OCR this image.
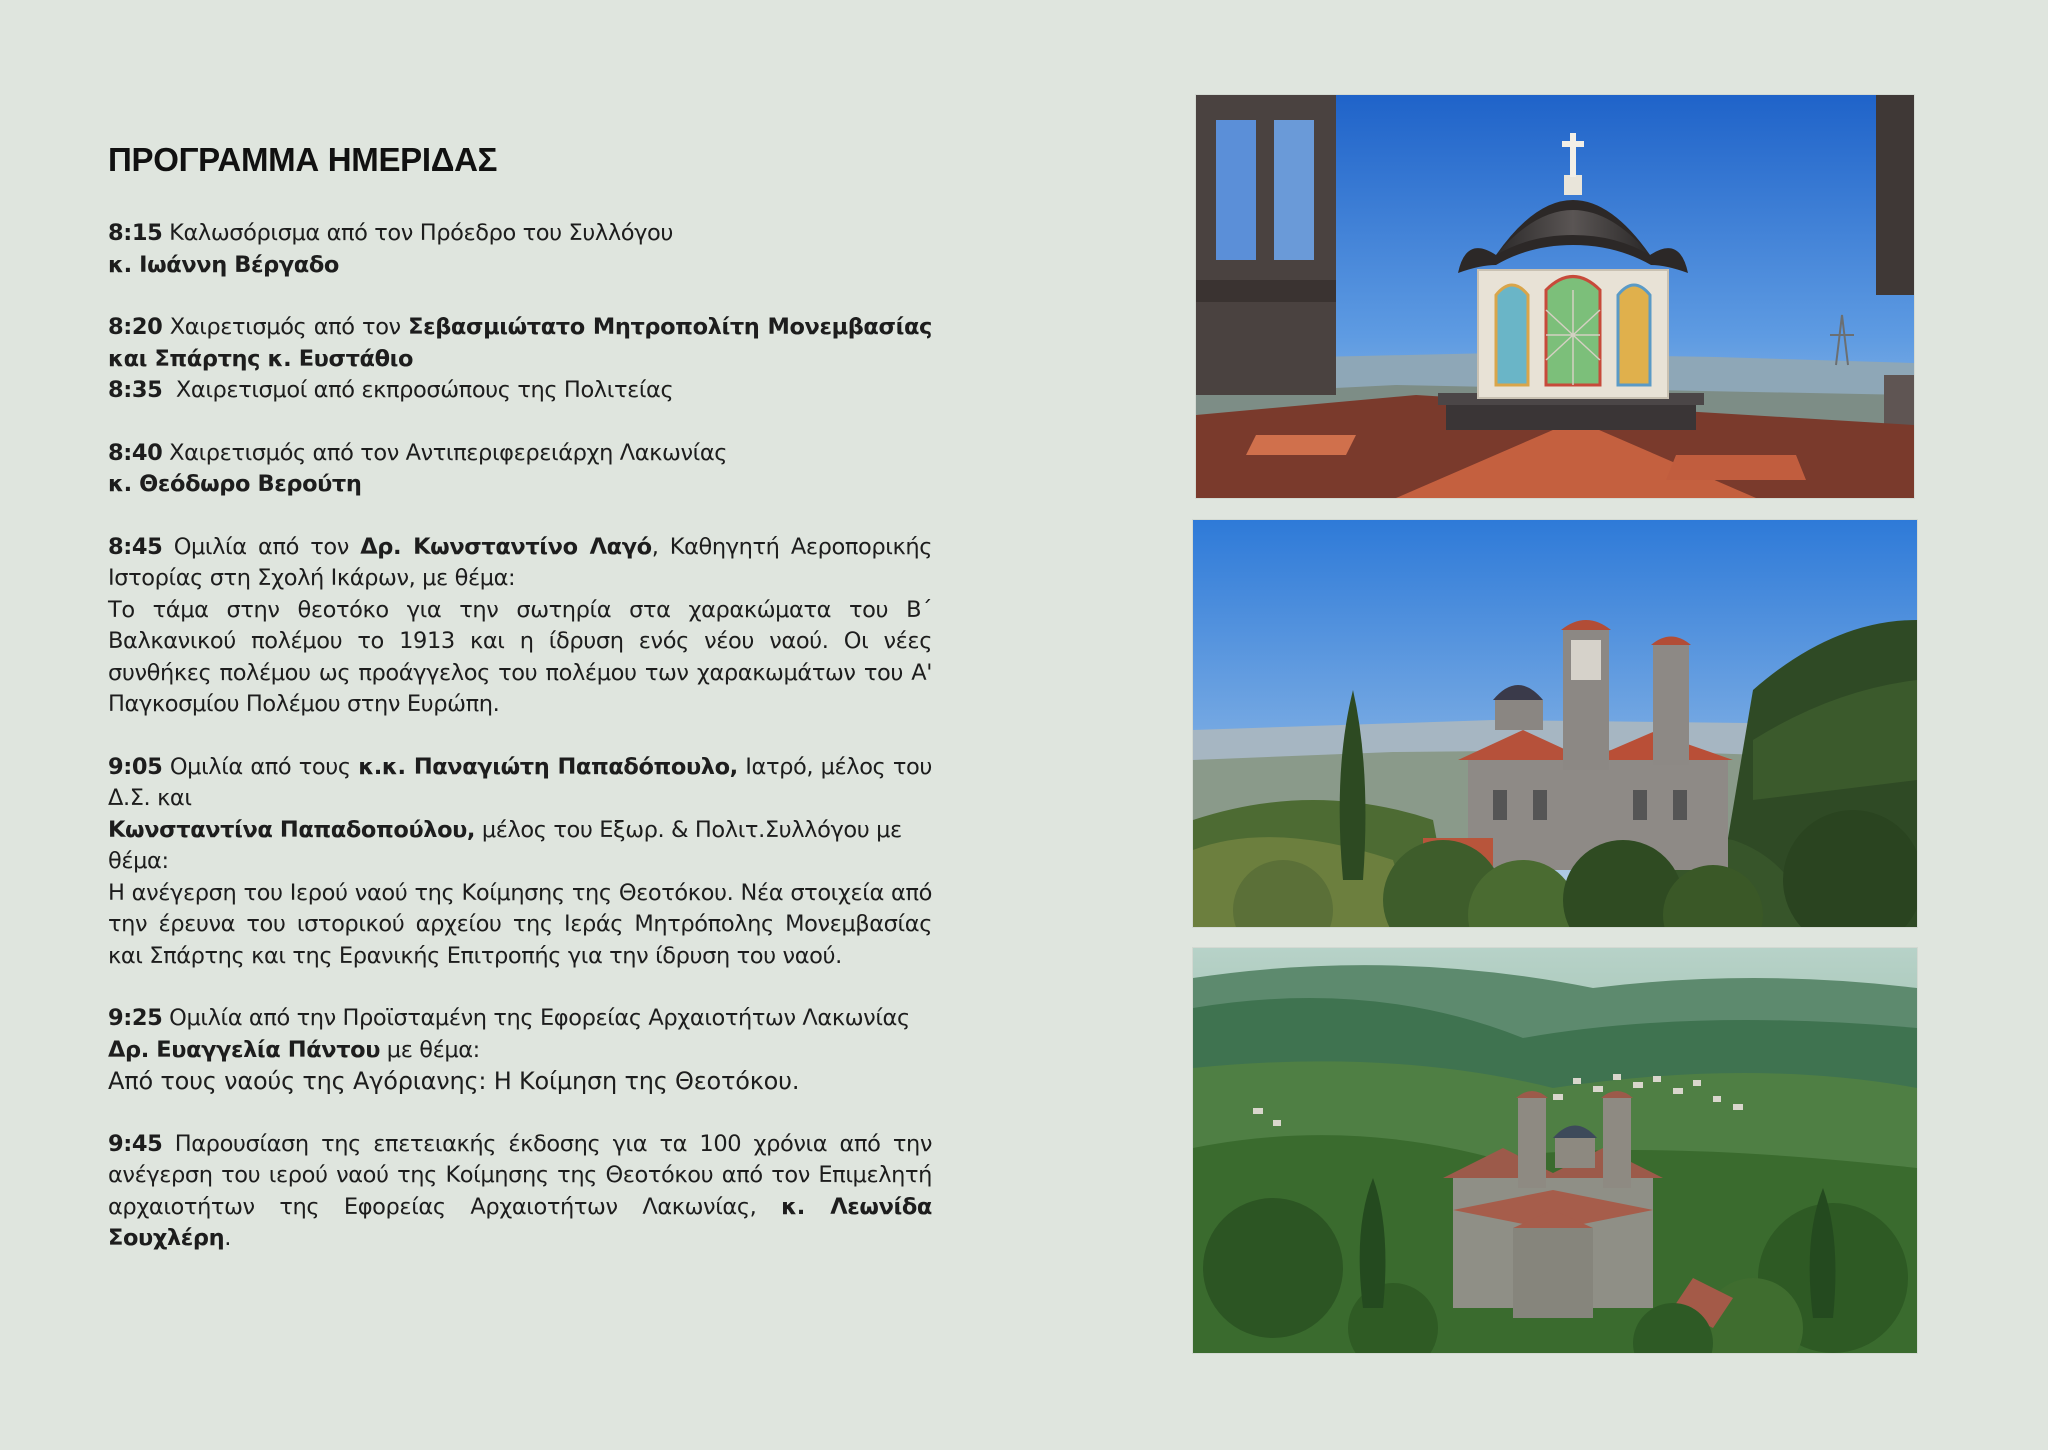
ΠΡΟΓΡΑΜΜΑ ΗΜΕΡΙΔΑΣ

8:15 Καλωσόρισμα από τον Πρόεδρο του Συλλόγου

κ. Ιωάννη Βέργαδο

8:20 Χαιρετισμός από τον Σεβασμιώτατο Μητροπολίτη Μονεμβασίας και Σπάρτης κ. Ευστάθιο

8:35 Χαιρετισμοί από εκπροσώπους της Πολιτείας

8:40 Χαιρετισμός από τον Αντιπεριφερειάρχη Λακωνίας

κ. Θεόδωρο Βερούτη

8:45 Ομιλία από τον Δρ. Κωνσταντίνο Λαγό, Καθηγητή Αεροπορικής Ιστορίας στη Σχολή Ικάρων, με θέμα:

Το τάμα στην θεοτόκο για την σωτηρία στα χαρακώματα του Β΄ Βαλκανικού πολέμου το 1913 και η ίδρυση ενός νέου ναού. Οι νέες συνθήκες πολέμου ως προάγγελος του πολέμου των χαρακωμάτων του Α' Παγκοσμίου Πολέμου στην Ευρώπη.

9:05 Ομιλία από τους κ.κ. Παναγιώτη Παπαδόπουλο, Ιατρό, μέλος του Δ.Σ. και

Κωνσταντίνα Παπαδοπούλου, μέλος του Εξωρ. & Πολιτ.Συλλόγου με θέμα:

Η ανέγερση του Ιερού ναού της Κοίμησης της Θεοτόκου. Νέα στοιχεία από την έρευνα του ιστορικού αρχείου της Ιεράς Μητρόπολης Μονεμβασίας και Σπάρτης και της Ερανικής Επιτροπής για την ίδρυση του ναού.

9:25 Ομιλία από την Προϊσταμένη της Εφορείας Αρχαιοτήτων Λακωνίας

Δρ. Ευαγγελία Πάντου με θέμα:

Από τους ναούς της Αγόριανης: Η Κοίμηση της Θεοτόκου.

9:45 Παρουσίαση της επετειακής έκδοσης για τα 100 χρόνια από την ανέγερση του ιερού ναού της Κοίμησης της Θεοτόκου από τον Επιμελητή αρχαιοτήτων της Εφορείας Αρχαιοτήτων Λακωνίας, κ. Λεωνίδα Σουχλέρη.
